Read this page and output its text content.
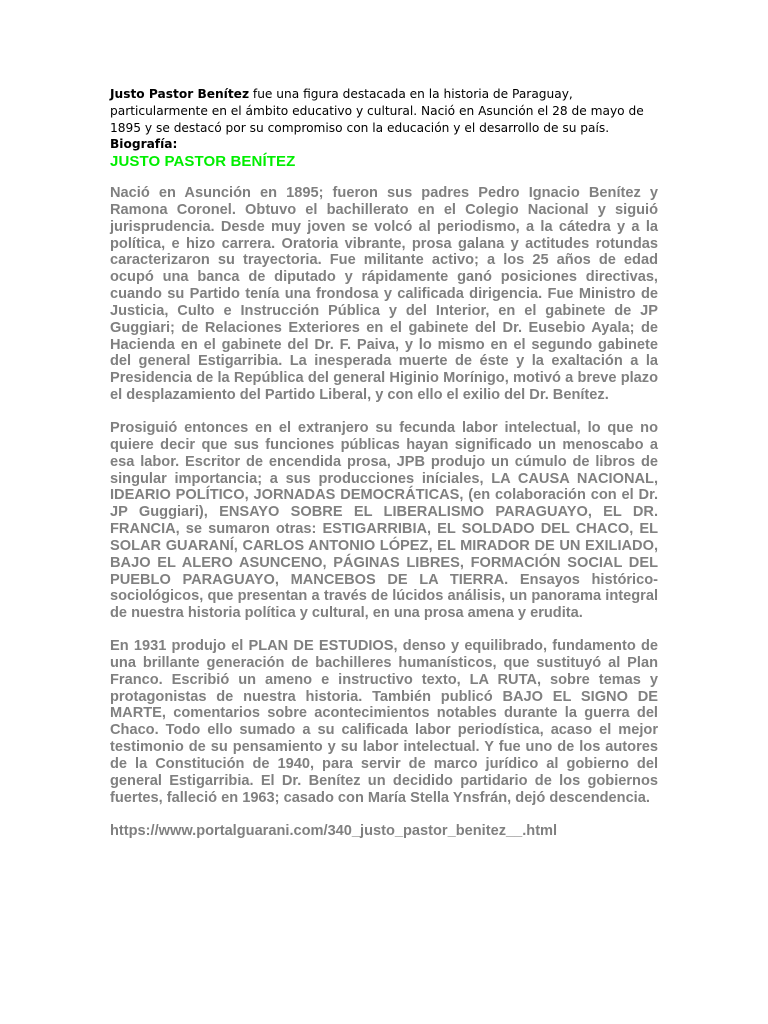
Justo Pastor Benítez fue una figura destacada en la historia de Paraguay, particularmente en el ámbito educativo y cultural. Nació en Asunción el 28 de mayo de 1895 y se destacó por su compromiso con la educación y el desarrollo de su país.

Biografía:

JUSTO PASTOR BENÍTEZ

Nació en Asunción en 1895; fueron sus padres Pedro Ignacio Benítez y Ramona Coronel. Obtuvo el bachillerato en el Colegio Nacional y siguió jurisprudencia. Desde muy joven se volcó al periodismo, a la cátedra y a la política, e hizo carrera. Oratoria vibrante, prosa galana y actitudes rotundas caracterizaron su trayectoria. Fue militante activo; a los 25 años de edad ocupó una banca de diputado y rápidamente ganó posiciones directivas, cuando su Partido tenía una frondosa y calificada dirigencia. Fue Ministro de Justicia, Culto e Instrucción Pública y del Interior, en el gabinete de JP Guggiari; de Relaciones Exteriores en el gabinete del Dr. Eusebio Ayala; de Hacienda en el gabinete del Dr. F. Paiva, y lo mismo en el segundo gabinete del general Estigarribia. La inesperada muerte de éste y la exaltación a la Presidencia de la República del general Higinio Morínigo, motivó a breve plazo el desplazamiento del Partido Liberal, y con ello el exilio del Dr. Benítez.

Prosiguió entonces en el extranjero su fecunda labor intelectual, lo que no quiere decir que sus funciones públicas hayan significado un menoscabo a esa labor. Escritor de encendida prosa, JPB produjo un cúmulo de libros de singular importancia; a sus producciones iníciales, LA CAUSA NACIONAL, IDEARIO POLÍTICO, JORNADAS DEMOCRÁTICAS, (en colaboración con el Dr. JP Guggiari), ENSAYO SOBRE EL LIBERALISMO PARAGUAYO, EL DR. FRANCIA, se sumaron otras: ESTIGARRIBIA, EL SOLDADO DEL CHACO, EL SOLAR GUARANÍ, CARLOS ANTONIO LÓPEZ, EL MIRADOR DE UN EXILIADO, BAJO EL ALERO ASUNCENO, PÁGINAS LIBRES, FORMACIÓN SOCIAL DEL PUEBLO PARAGUAYO, MANCEBOS DE LA TIERRA. Ensayos histórico-sociológicos, que presentan a través de lúcidos análisis, un panorama integral de nuestra historia política y cultural, en una prosa amena y erudita.

En 1931 produjo el PLAN DE ESTUDIOS, denso y equilibrado, fundamento de una brillante generación de bachilleres humanísticos, que sustituyó al Plan Franco. Escribió un ameno e instructivo texto, LA RUTA, sobre temas y protagonistas de nuestra historia. También publicó BAJO EL SIGNO DE MARTE, comentarios sobre acontecimientos notables durante la guerra del Chaco. Todo ello sumado a su calificada labor periodística, acaso el mejor testimonio de su pensamiento y su labor intelectual. Y fue uno de los autores de la Constitución de 1940, para servir de marco jurídico al gobierno del general Estigarribia. El Dr. Benítez un decidido partidario de los gobiernos fuertes, falleció en 1963; casado con María Stella Ynsfrán, dejó descendencia.

https://www.portalguarani.com/340_justo_pastor_benitez__.html
